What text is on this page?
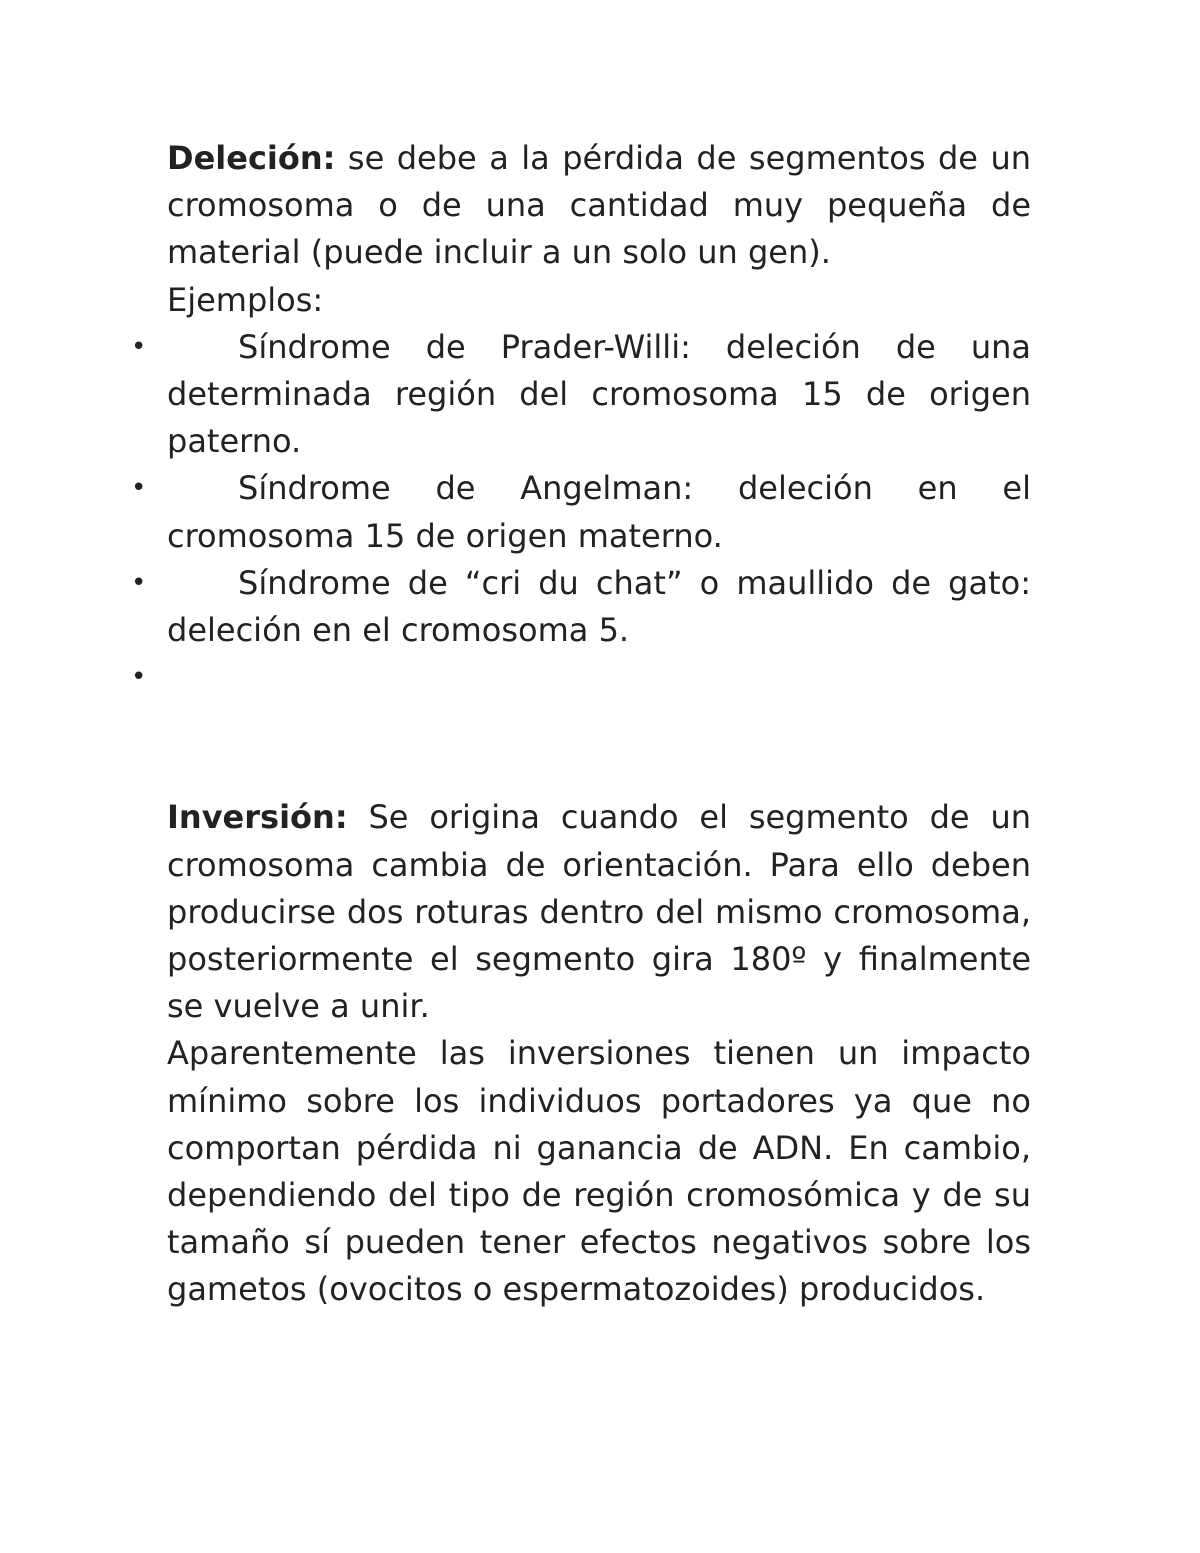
Deleción: se debe a la pérdida de segmentos de un cromosoma o de una cantidad muy pequeña de material (puede incluir a un solo un gen).

Ejemplos:

•	Síndrome de Prader-Willi: deleción de una determinada región del cromosoma 15 de origen paterno.
•	Síndrome de Angelman: deleción en el cromosoma 15 de origen materno.
•	Síndrome de “cri du chat” o maullido de gato: deleción en el cromosoma 5.
•

Inversión: Se origina cuando el segmento de un cromosoma cambia de orientación. Para ello deben producirse dos roturas dentro del mismo cromosoma, posteriormente el segmento gira 180º y finalmente se vuelve a unir.

Aparentemente las inversiones tienen un impacto mínimo sobre los individuos portadores ya que no comportan pérdida ni ganancia de ADN. En cambio, dependiendo del tipo de región cromosómica y de su tamaño sí pueden tener efectos negativos sobre los gametos (ovocitos o espermatozoides) producidos.
